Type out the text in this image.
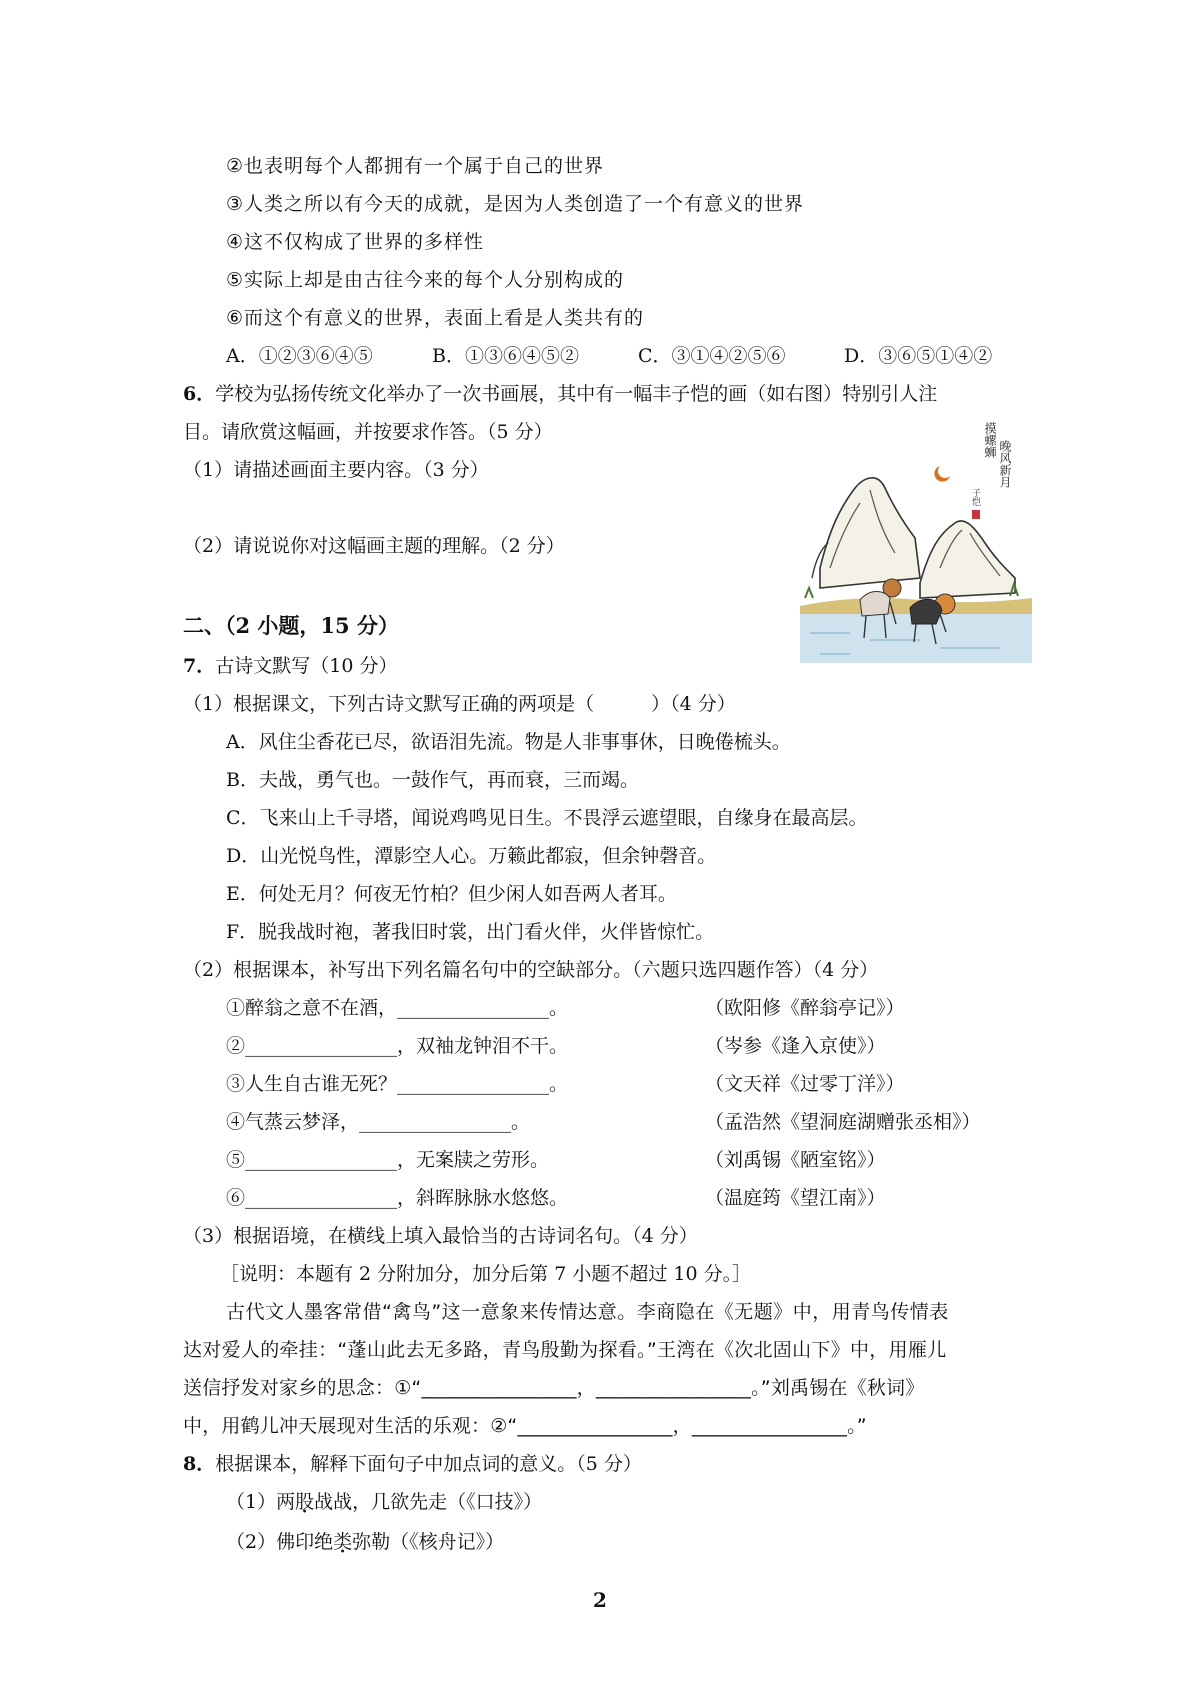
②也表明每个人都拥有一个属于自己的世界
③人类之所以有今天的成就，是因为人类创造了一个有意义的世界
④这不仅构成了世界的多样性
⑤实际上却是由古往今来的每个人分别构成的
⑥而这个有意义的世界，表面上看是人类共有的
A．①②③⑥④⑤	B．①③⑥④⑤②	C．③①④②⑤⑥	D．③⑥⑤①④②
6．学校为弘扬传统文化举办了一次书画展，其中有一幅丰子恺的画（如右图）特别引人注
目。请欣赏这幅画，并按要求作答。（5 分）
（1）请描述画面主要内容。（3 分）
（2）请说说你对这幅画主题的理解。（2 分）
摸螺蛳 晚风新月
子恺
二、（2 小题，15 分）
7．古诗文默写（10 分）
（1）根据课文，下列古诗文默写正确的两项是（　　　）（4 分）
A．风住尘香花已尽，欲语泪先流。物是人非事事休，日晚倦梳头。
B．夫战，勇气也。一鼓作气，再而衰，三而竭。
C．飞来山上千寻塔，闻说鸡鸣见日生。不畏浮云遮望眼，自缘身在最高层。
D．山光悦鸟性，潭影空人心。万籁此都寂，但余钟磬音。
E．何处无月？何夜无竹柏？但少闲人如吾两人者耳。
F．脱我战时袍，著我旧时裳，出门看火伴，火伴皆惊忙。
（2）根据课本，补写出下列名篇名句中的空缺部分。（六题只选四题作答）（4 分）
①醉翁之意不在酒，________________。	（欧阳修《醉翁亭记》）
②________________，双袖龙钟泪不干。	（岑参《逢入京使》）
③人生自古谁无死？________________。	（文天祥《过零丁洋》）
④气蒸云梦泽，________________。	（孟浩然《望洞庭湖赠张丞相》）
⑤________________，无案牍之劳形。	（刘禹锡《陋室铭》）
⑥________________，斜晖脉脉水悠悠。	（温庭筠《望江南》）
（3）根据语境，在横线上填入最恰当的古诗词名句。（4 分）
［说明：本题有 2 分附加分，加分后第 7 小题不超过 10 分。］
古代文人墨客常借“禽鸟”这一意象来传情达意。李商隐在《无题》中，用青鸟传情表
达对爱人的牵挂：“蓬山此去无多路，青鸟殷勤为探看。”王湾在《次北固山下》中，用雁儿
送信抒发对家乡的思念：①“________________，________________。”刘禹锡在《秋词》
中，用鹤儿冲天展现对生活的乐观：②“________________，________________。”
8．根据课本，解释下面句子中加点词的意义。（5 分）
（1）两股战战，几欲先走（《口技》）
（2）佛印绝类弥勒（《核舟记》）
2
